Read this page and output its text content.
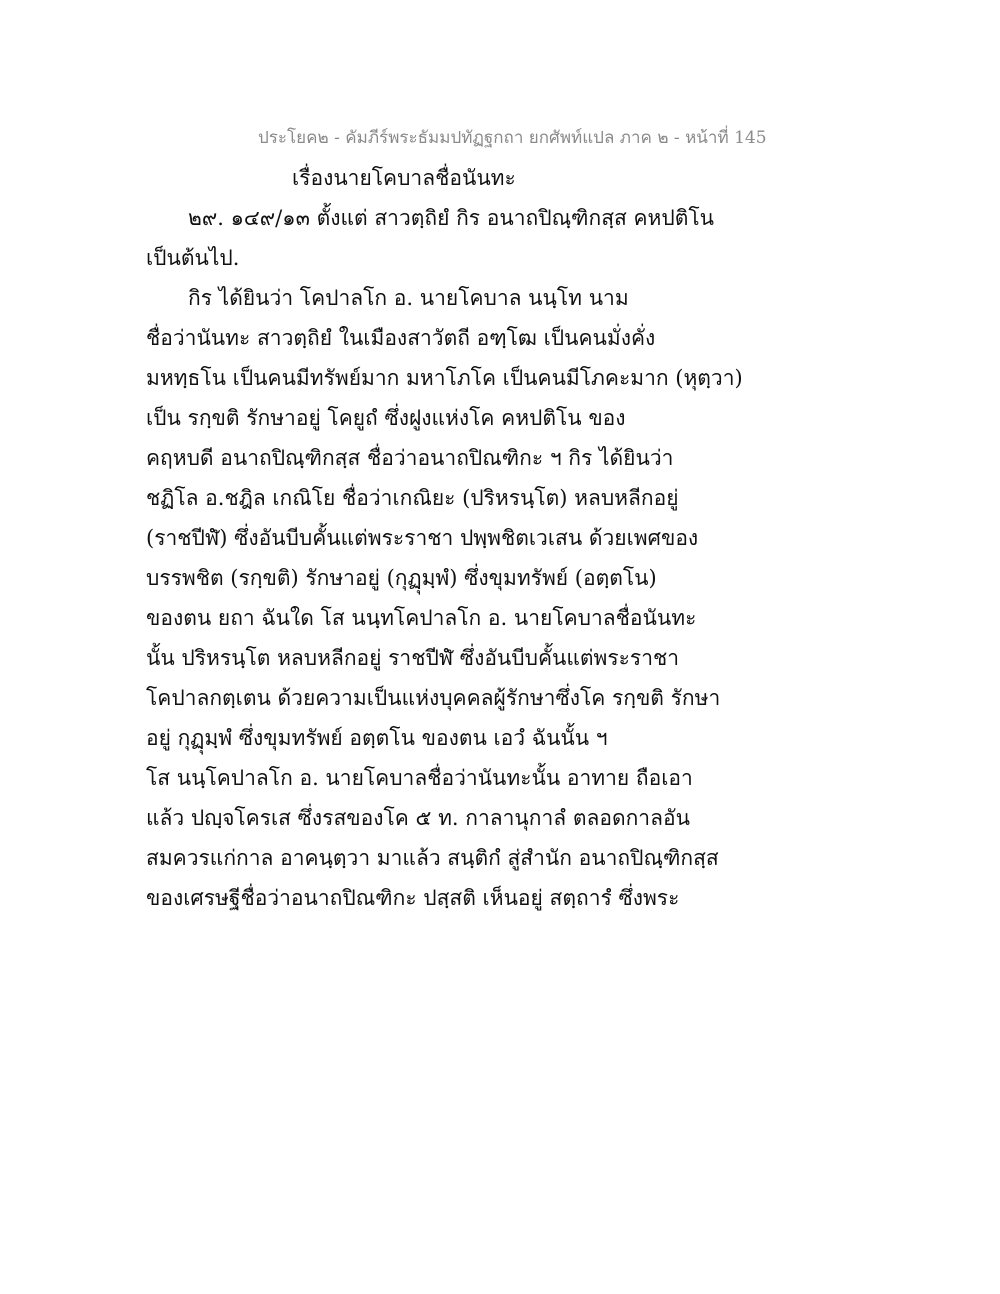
ประโยค๒ - คัมภีร์พระธัมมปทัฏฐกถา ยกศัพท์แปล ภาค ๒ - หน้าที่ 145
เรื่องนายโคบาลชื่อนันทะ
๒๙. ๑๔๙/๑๓ ตั้งแต่ สาวตฺถิยํ กิร อนาถปิณฺฑิกสฺส คหปติโน
เป็นต้นไป.
กิร ได้ยินว่า โคปาลโก อ. นายโคบาล นนฺโท นาม
ชื่อว่านันทะ สาวตฺถิยํ ในเมืองสาวัตถี อฑฺโฒ เป็นคนมั่งคั่ง
มหทฺธโน เป็นคนมีทรัพย์มาก มหาโภโค เป็นคนมีโภคะมาก (หุตฺวา)
เป็น รกฺขติ รักษาอยู่ โคยูถํ ซึ่งฝูงแห่งโค คหปติโน ของ
คฤหบดี อนาถปิณฺฑิกสฺส ชื่อว่าอนาถปิณฑิกะ ฯ กิร ได้ยินว่า
ชฏิโล อ.ชฎิล เกณิโย ชื่อว่าเกณิยะ (ปริหรนฺโต) หลบหลีกอยู่
(ราชปีฬํ) ซึ่งอันบีบคั้นแต่พระราชา ปพฺพชิตเวเสน ด้วยเพศของ
บรรพชิต (รกฺขติ) รักษาอยู่ (กุฏุมฺพํ) ซึ่งขุมทรัพย์ (อตฺตโน)
ของตน ยถา ฉันใด โส นนฺทโคปาลโก อ. นายโคบาลชื่อนันทะ
นั้น ปริหรนฺโต หลบหลีกอยู่ ราชปีฬํ ซึ่งอันบีบคั้นแต่พระราชา
โคปาลกตฺเตน ด้วยความเป็นแห่งบุคคลผู้รักษาซึ่งโค รกฺขติ รักษา
อยู่ กุฏุมฺพํ ซึ่งขุมทรัพย์ อตฺตโน ของตน เอวํ ฉันนั้น ฯ
โส นนฺโคปาลโก อ. นายโคบาลชื่อว่านันทะนั้น อาทาย ถือเอา
แล้ว ปญฺจโครเส ซึ่งรสของโค ๕ ท. กาลานุกาลํ ตลอดกาลอัน
สมควรแก่กาล อาคนฺตฺวา มาแล้ว สนฺติกํ สู่สำนัก อนาถปิณฺฑิกสฺส
ของเศรษฐีชื่อว่าอนาถปิณฑิกะ ปสฺสติ เห็นอยู่ สตฺถารํ ซึ่งพระ
